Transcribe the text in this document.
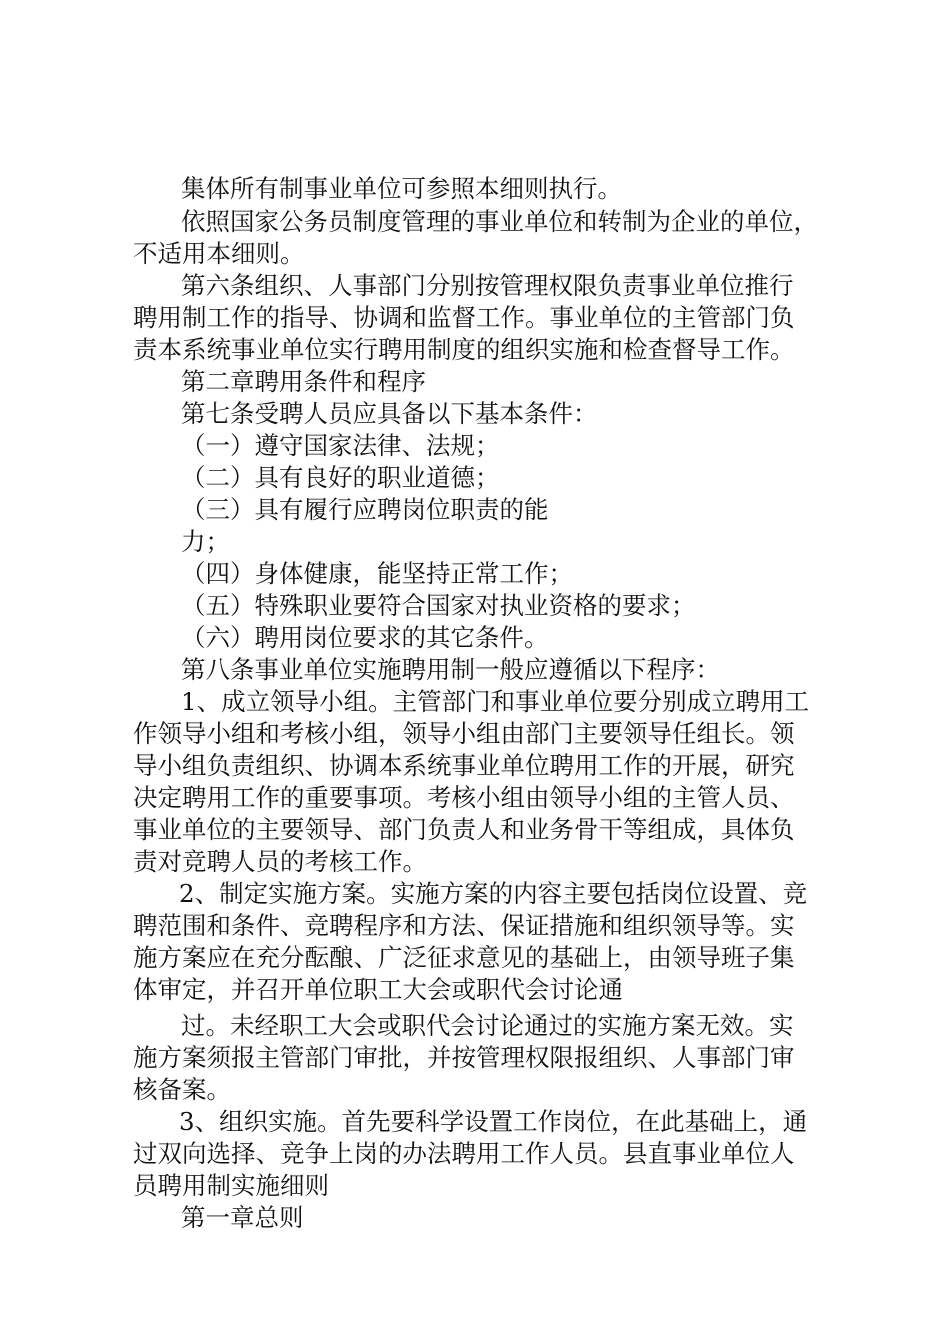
集体所有制事业单位可参照本细则执行。
依照国家公务员制度管理的事业单位和转制为企业的单位，
不适用本细则。
第六条组织、人事部门分别按管理权限负责事业单位推行
聘用制工作的指导、协调和监督工作。事业单位的主管部门负
责本系统事业单位实行聘用制度的组织实施和检查督导工作。
第二章聘用条件和程序
第七条受聘人员应具备以下基本条件：
（一）遵守国家法律、法规；
（二）具有良好的职业道德；
（三）具有履行应聘岗位职责的能
力；
（四）身体健康，能坚持正常工作；
（五）特殊职业要符合国家对执业资格的要求；
（六）聘用岗位要求的其它条件。
第八条事业单位实施聘用制一般应遵循以下程序：
1、成立领导小组。主管部门和事业单位要分别成立聘用工
作领导小组和考核小组，领导小组由部门主要领导任组长。领
导小组负责组织、协调本系统事业单位聘用工作的开展，研究
决定聘用工作的重要事项。考核小组由领导小组的主管人员、
事业单位的主要领导、部门负责人和业务骨干等组成，具体负
责对竞聘人员的考核工作。
2、制定实施方案。实施方案的内容主要包括岗位设置、竞
聘范围和条件、竞聘程序和方法、保证措施和组织领导等。实
施方案应在充分酝酿、广泛征求意见的基础上，由领导班子集
体审定，并召开单位职工大会或职代会讨论通
过。未经职工大会或职代会讨论通过的实施方案无效。实
施方案须报主管部门审批，并按管理权限报组织、人事部门审
核备案。
3、组织实施。首先要科学设置工作岗位，在此基础上，通
过双向选择、竞争上岗的办法聘用工作人员。县直事业单位人
员聘用制实施细则
第一章总则
